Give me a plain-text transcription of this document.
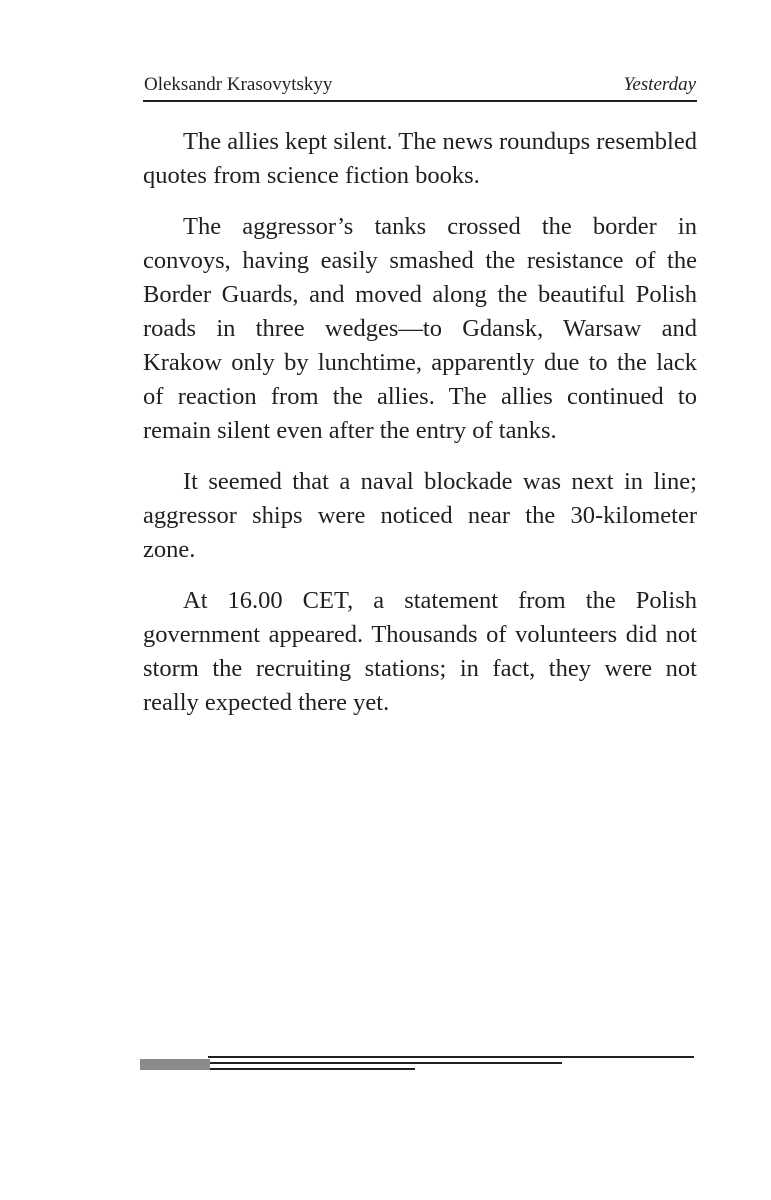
Oleksandr Krasovytskyy	Yesterday

The allies kept silent. The news roundups resembled quotes from science fiction books.

The aggressor’s tanks crossed the border in convoys, having easily smashed the resistance of the Border Guards, and moved along the beautiful Polish roads in three wedges—to Gdansk, Warsaw and Krakow only by lunchtime, apparently due to the lack of reaction from the allies. The allies continued to remain silent even after the entry of tanks.

It seemed that a naval blockade was next in line; aggressor ships were noticed near the 30-kilometer zone.

At 16.00 CET, a statement from the Polish government appeared. Thousands of volunteers did not storm the recruiting stations; in fact, they were not really expected there yet.
